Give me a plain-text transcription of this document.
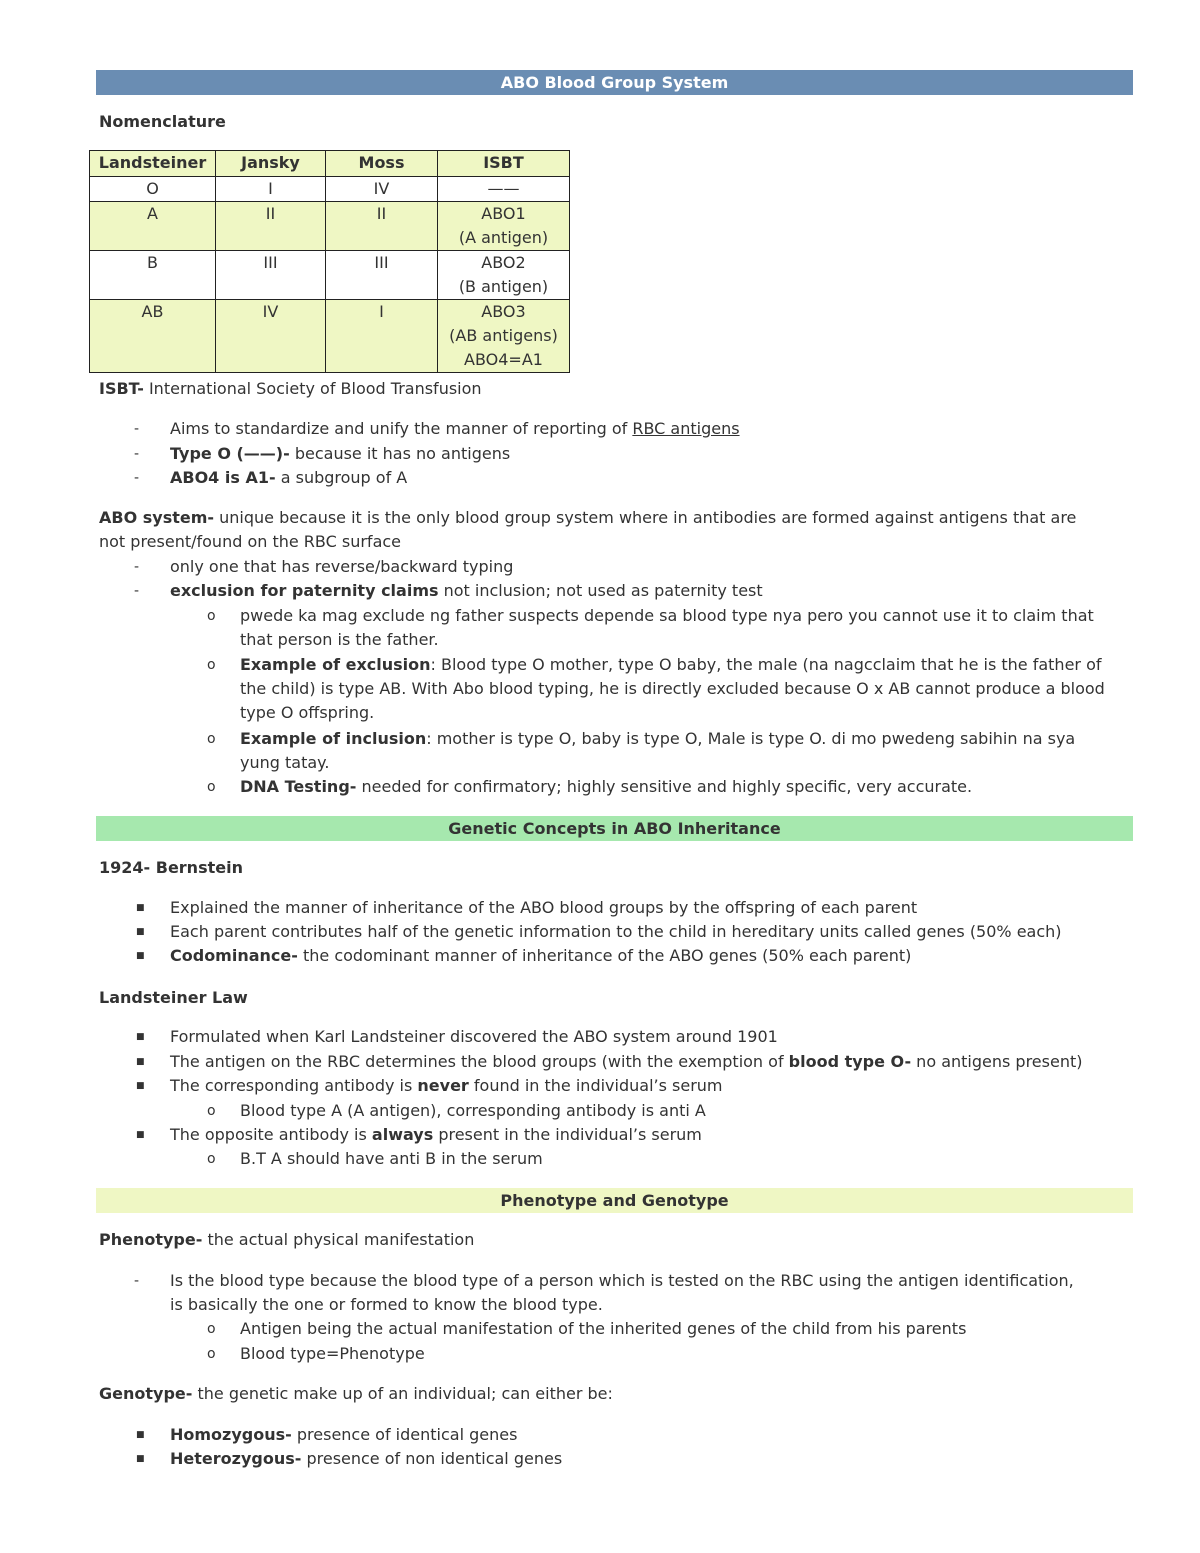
ABO Blood Group System
Nomenclature
Landsteiner	Jansky	Moss	ISBT
O	I	IV	——
A	II	II	ABO1
(A antigen)

B	III	III	ABO2
(B antigen)

AB	IV	I	ABO3
(AB antigens)
ABO4=A1
ISBT- International Society of Blood Transfusion
- Aims to standardize and unify the manner of reporting of RBC antigens
- Type O (——)- because it has no antigens
- ABO4 is A1- a subgroup of A
ABO system- unique because it is the only blood group system where in antibodies are formed against antigens that are not present/found on the RBC surface
- only one that has reverse/backward typing
- exclusion for paternity claims not inclusion; not used as paternity test
o pwede ka mag exclude ng father suspects depende sa blood type nya pero you cannot use it to claim that that person is the father.
o Example of exclusion: Blood type O mother, type O baby, the male (na nagcclaim that he is the father of the child) is type AB. With Abo blood typing, he is directly excluded because O x AB cannot produce a blood type O offspring.
o Example of inclusion: mother is type O, baby is type O, Male is type O. di mo pwedeng sabihin na sya yung tatay.
o DNA Testing- needed for confirmatory; highly sensitive and highly specific, very accurate.
Genetic Concepts in ABO Inheritance
1924- Bernstein
■ Explained the manner of inheritance of the ABO blood groups by the offspring of each parent
■ Each parent contributes half of the genetic information to the child in hereditary units called genes (50% each)
■ Codominance- the codominant manner of inheritance of the ABO genes (50% each parent)
Landsteiner Law
■ Formulated when Karl Landsteiner discovered the ABO system around 1901
■ The antigen on the RBC determines the blood groups (with the exemption of blood type O- no antigens present)
■ The corresponding antibody is never found in the individual’s serum
o Blood type A (A antigen), corresponding antibody is anti A
■ The opposite antibody is always present in the individual’s serum
o B.T A should have anti B in the serum
Phenotype and Genotype
Phenotype- the actual physical manifestation
- Is the blood type because the blood type of a person which is tested on the RBC using the antigen identification, is basically the one or formed to know the blood type.
o Antigen being the actual manifestation of the inherited genes of the child from his parents
o Blood type=Phenotype
Genotype- the genetic make up of an individual; can either be:
■ Homozygous- presence of identical genes
■ Heterozygous- presence of non identical genes
